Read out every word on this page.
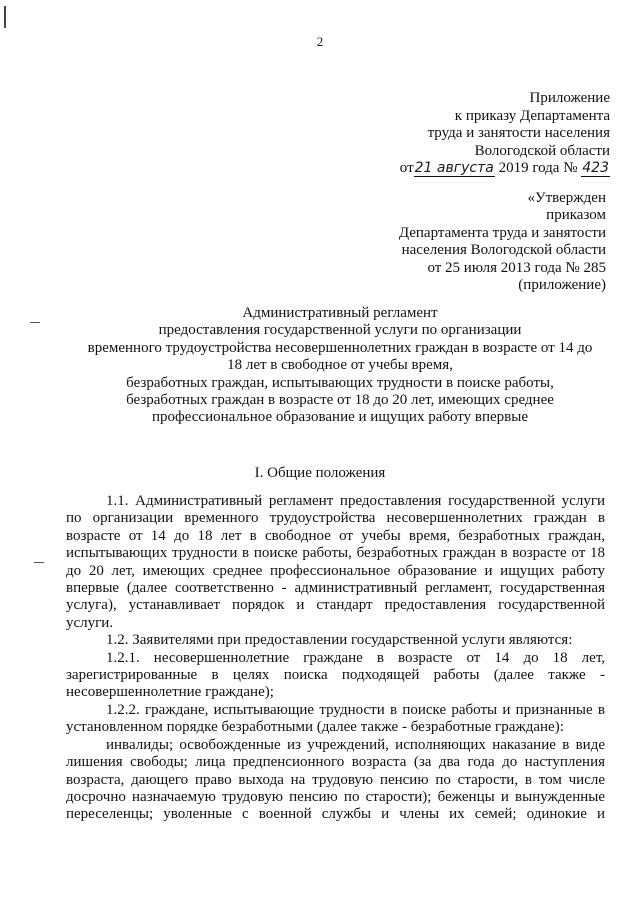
2
Приложение
к приказу Департамента
труда и занятости населения
Вологодской области
от21 августа 2019 года № 423
«Утвержден
приказом
Департамента труда и занятости
населения Вологодской области
от 25 июля 2013 года № 285
(приложение)
Административный регламент
предоставления государственной услуги по организации
временного трудоустройства несовершеннолетних граждан в возрасте от 14 до
18 лет в свободное от учебы время,
безработных граждан, испытывающих трудности в поиске работы,
безработных граждан в возрасте от 18 до 20 лет, имеющих среднее
профессиональное образование и ищущих работу впервые
I. Общие положения

1.1. Административный регламент предоставления государственной услуги по организации временного трудоустройства несовершеннолетних граждан в возрасте от 14 до 18 лет в свободное от учебы время, безработных граждан, испытывающих трудности в поиске работы, безработных граждан в возрасте от 18 до 20 лет, имеющих среднее профессиональное образование и ищущих работу впервые (далее соответственно - административный регламент, государственная услуга), устанавливает порядок и стандарт предоставления государственной услуги.

1.2. Заявителями при предоставлении государственной услуги являются:

1.2.1. несовершеннолетние граждане в возрасте от 14 до 18 лет, зарегистрированные в целях поиска подходящей работы (далее также - несовершеннолетние граждане);

1.2.2. граждане, испытывающие трудности в поиске работы и признанные в установленном порядке безработными (далее также - безработные граждане):

инвалиды; освобожденные из учреждений, исполняющих наказание в виде лишения свободы; лица предпенсионного возраста (за два года до наступления возраста, дающего право выхода на трудовую пенсию по старости, в том числе досрочно назначаемую трудовую пенсию по старости); беженцы и вынужденные переселенцы; уволенные с военной службы и члены их семей; одинокие и
